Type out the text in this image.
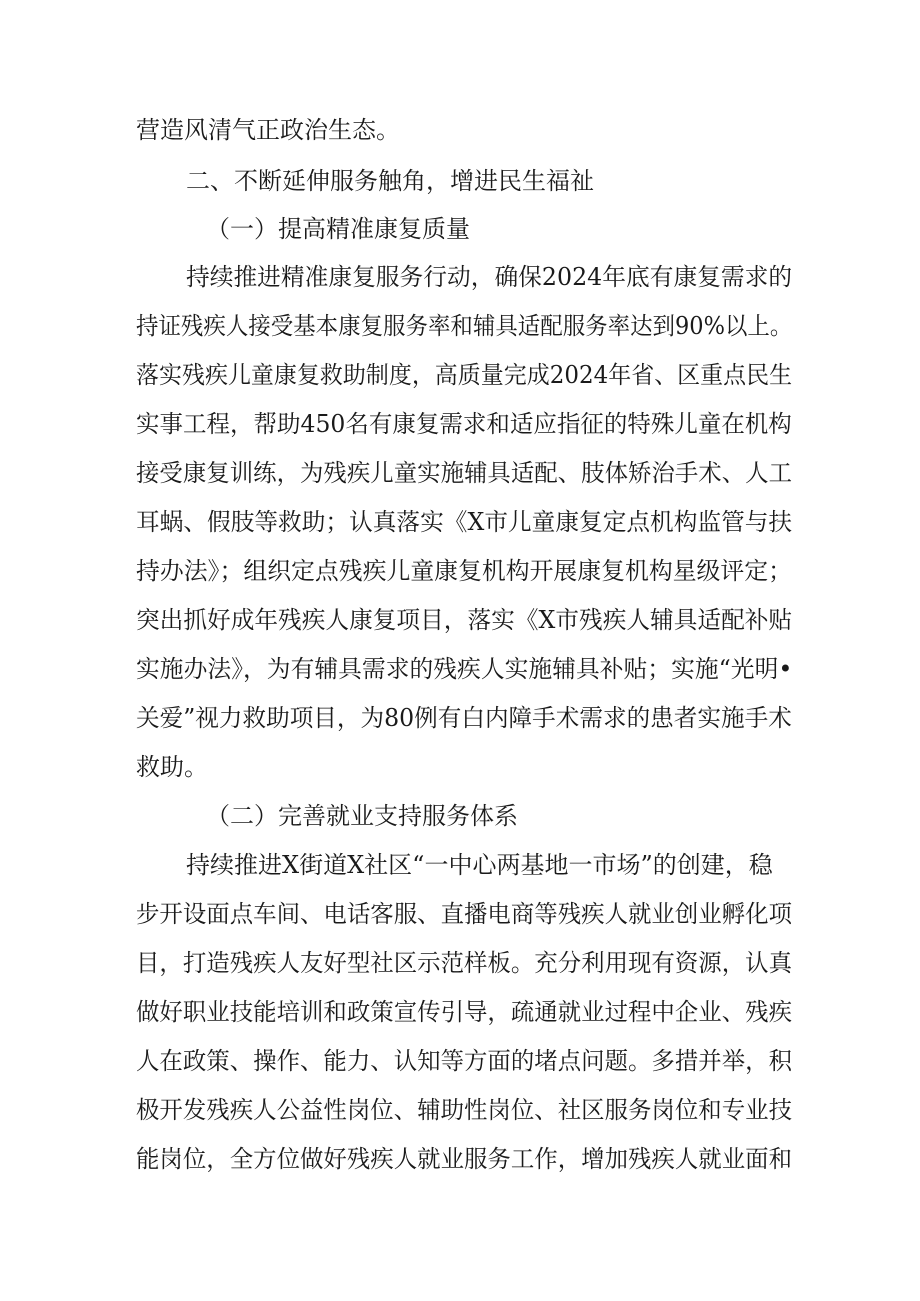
营造风清气正政治生态。
二、不断延伸服务触角，增进民生福祉
（一）提高精准康复质量
持续推进精准康复服务行动，确保2024年底有康复需求的
持证残疾人接受基本康复服务率和辅具适配服务率达到90%以上。
落实残疾儿童康复救助制度，高质量完成2024年省、区重点民生
实事工程，帮助450名有康复需求和适应指征的特殊儿童在机构
接受康复训练，为残疾儿童实施辅具适配、肢体矫治手术、人工
耳蜗、假肢等救助；认真落实《X市儿童康复定点机构监管与扶
持办法》；组织定点残疾儿童康复机构开展康复机构星级评定；
突出抓好成年残疾人康复项目，落实《X市残疾人辅具适配补贴
实施办法》，为有辅具需求的残疾人实施辅具补贴；实施“光明•
关爱”视力救助项目，为80例有白内障手术需求的患者实施手术
救助。
（二）完善就业支持服务体系
持续推进X街道X社区“一中心两基地一市场”的创建，稳
步开设面点车间、电话客服、直播电商等残疾人就业创业孵化项
目，打造残疾人友好型社区示范样板。充分利用现有资源，认真
做好职业技能培训和政策宣传引导，疏通就业过程中企业、残疾
人在政策、操作、能力、认知等方面的堵点问题。多措并举，积
极开发残疾人公益性岗位、辅助性岗位、社区服务岗位和专业技
能岗位，全方位做好残疾人就业服务工作，增加残疾人就业面和
